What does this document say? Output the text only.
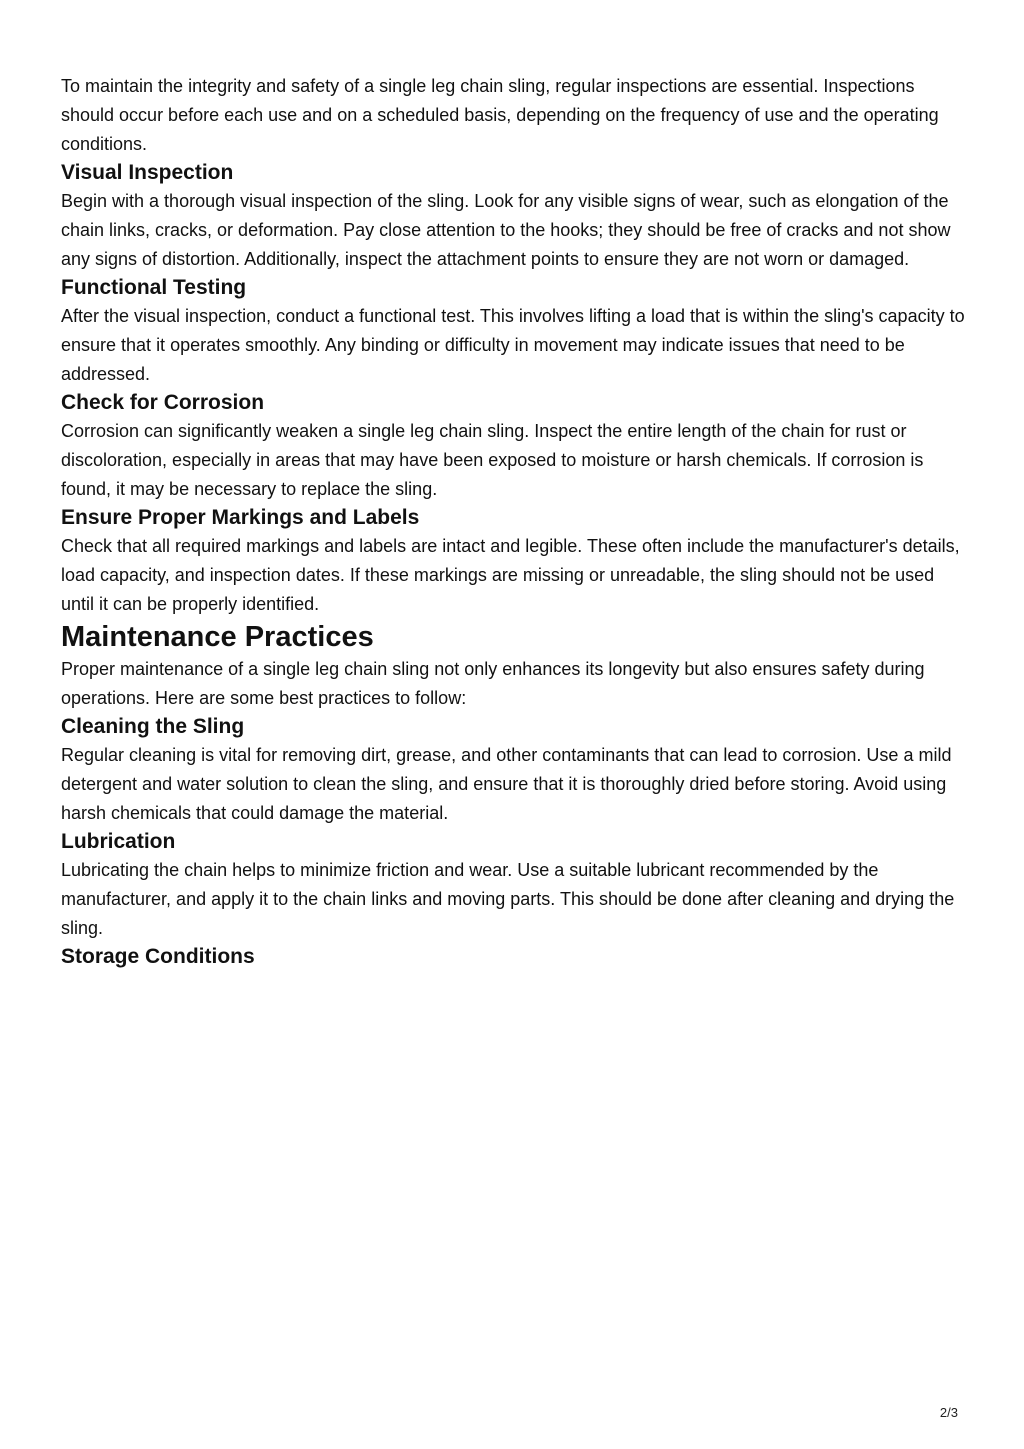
To maintain the integrity and safety of a single leg chain sling, regular inspections are essential. Inspections should occur before each use and on a scheduled basis, depending on the frequency of use and the operating conditions.

Visual Inspection

Begin with a thorough visual inspection of the sling. Look for any visible signs of wear, such as elongation of the chain links, cracks, or deformation. Pay close attention to the hooks; they should be free of cracks and not show any signs of distortion. Additionally, inspect the attachment points to ensure they are not worn or damaged.

Functional Testing

After the visual inspection, conduct a functional test. This involves lifting a load that is within the sling's capacity to ensure that it operates smoothly. Any binding or difficulty in movement may indicate issues that need to be addressed.

Check for Corrosion

Corrosion can significantly weaken a single leg chain sling. Inspect the entire length of the chain for rust or discoloration, especially in areas that may have been exposed to moisture or harsh chemicals. If corrosion is found, it may be necessary to replace the sling.

Ensure Proper Markings and Labels

Check that all required markings and labels are intact and legible. These often include the manufacturer's details, load capacity, and inspection dates. If these markings are missing or unreadable, the sling should not be used until it can be properly identified.

Maintenance Practices

Proper maintenance of a single leg chain sling not only enhances its longevity but also ensures safety during operations. Here are some best practices to follow:

Cleaning the Sling

Regular cleaning is vital for removing dirt, grease, and other contaminants that can lead to corrosion. Use a mild detergent and water solution to clean the sling, and ensure that it is thoroughly dried before storing. Avoid using harsh chemicals that could damage the material.

Lubrication

Lubricating the chain helps to minimize friction and wear. Use a suitable lubricant recommended by the manufacturer, and apply it to the chain links and moving parts. This should be done after cleaning and drying the sling.

Storage Conditions
2/3
